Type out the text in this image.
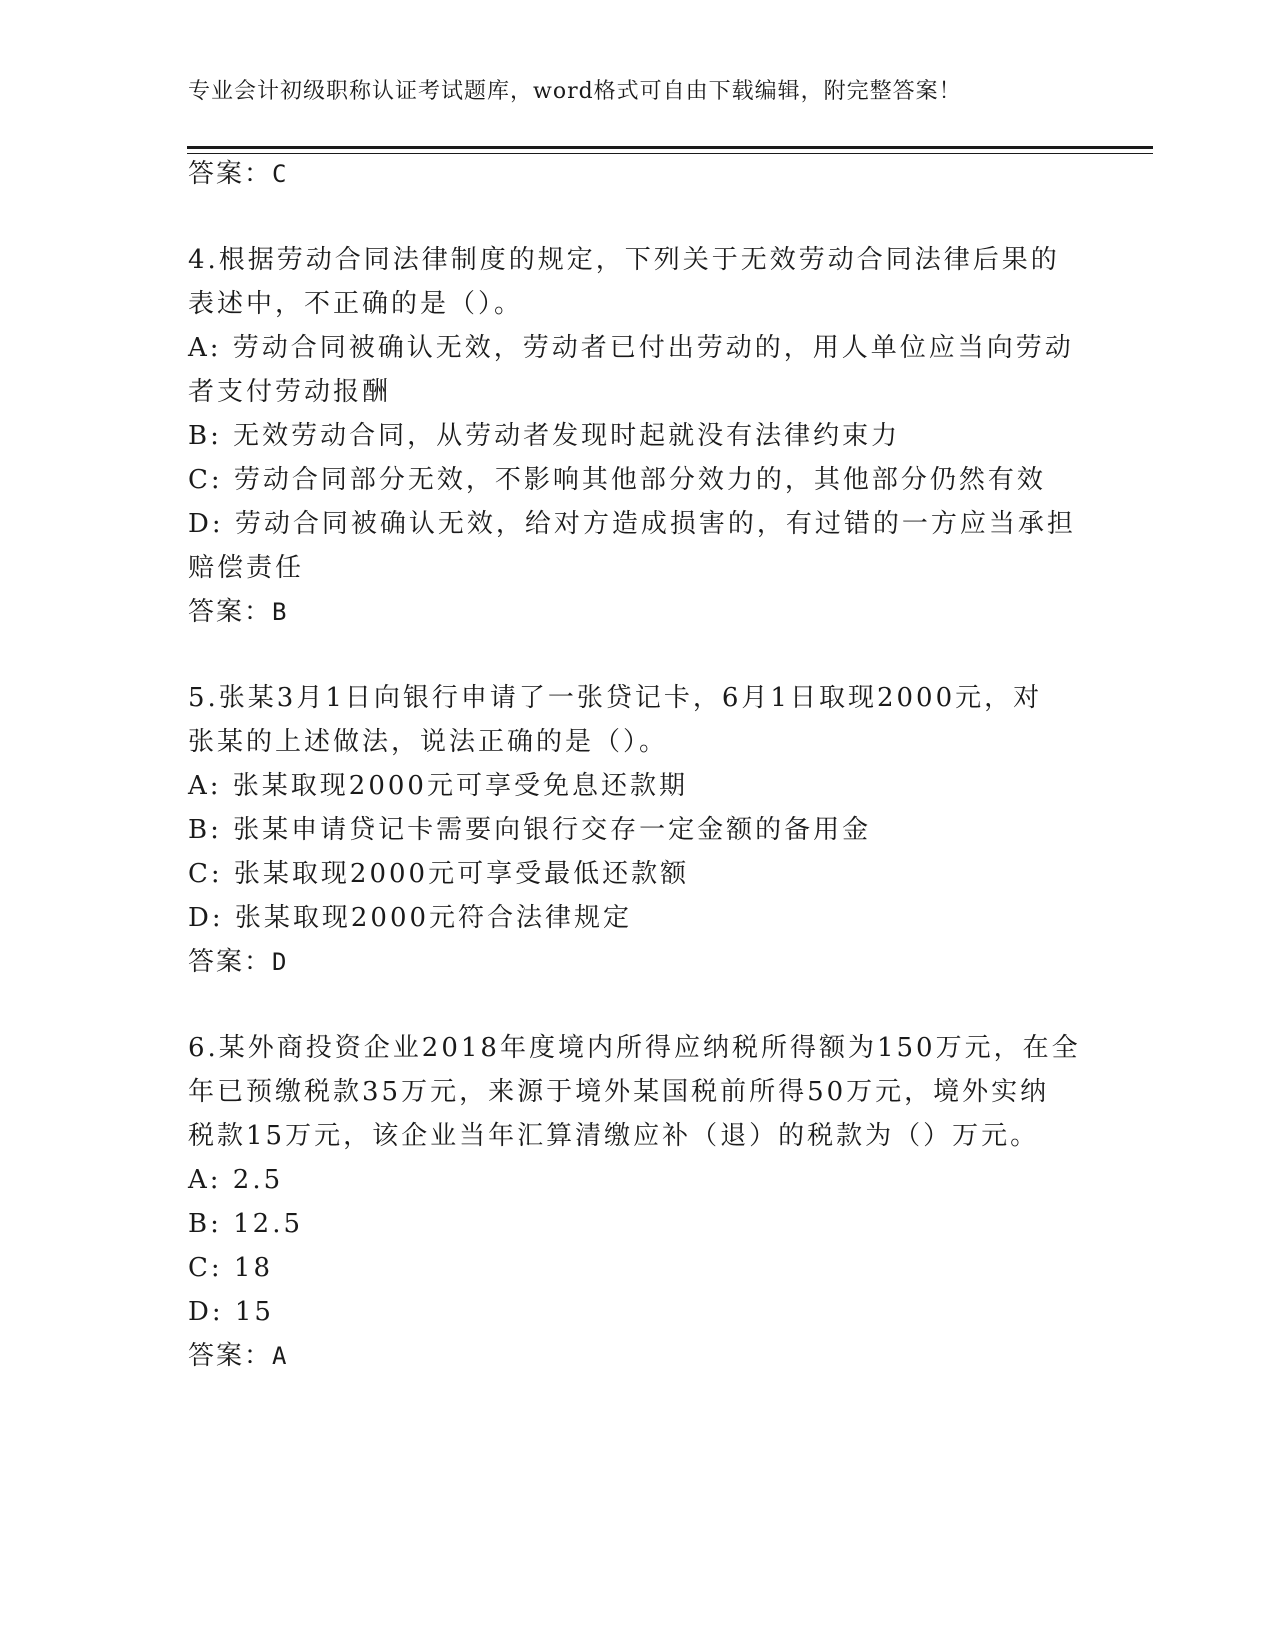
专业会计初级职称认证考试题库，word格式可自由下载编辑，附完整答案！
答案：C
4.根据劳动合同法律制度的规定，下列关于无效劳动合同法律后果的
表述中，不正确的是（）。
A: 劳动合同被确认无效，劳动者已付出劳动的，用人单位应当向劳动
者支付劳动报酬
B: 无效劳动合同，从劳动者发现时起就没有法律约束力
C: 劳动合同部分无效，不影响其他部分效力的，其他部分仍然有效
D: 劳动合同被确认无效，给对方造成损害的，有过错的一方应当承担
赔偿责任
答案：B
5.张某3月1日向银行申请了一张贷记卡，6月1日取现2000元，对
张某的上述做法，说法正确的是（）。
A: 张某取现2000元可享受免息还款期
B: 张某申请贷记卡需要向银行交存一定金额的备用金
C: 张某取现2000元可享受最低还款额
D: 张某取现2000元符合法律规定
答案：D
6.某外商投资企业2018年度境内所得应纳税所得额为150万元，在全
年已预缴税款35万元，来源于境外某国税前所得50万元，境外实纳
税款15万元，该企业当年汇算清缴应补（退）的税款为（）万元。
A: 2.5
B: 12.5
C: 18
D: 15
答案：A
